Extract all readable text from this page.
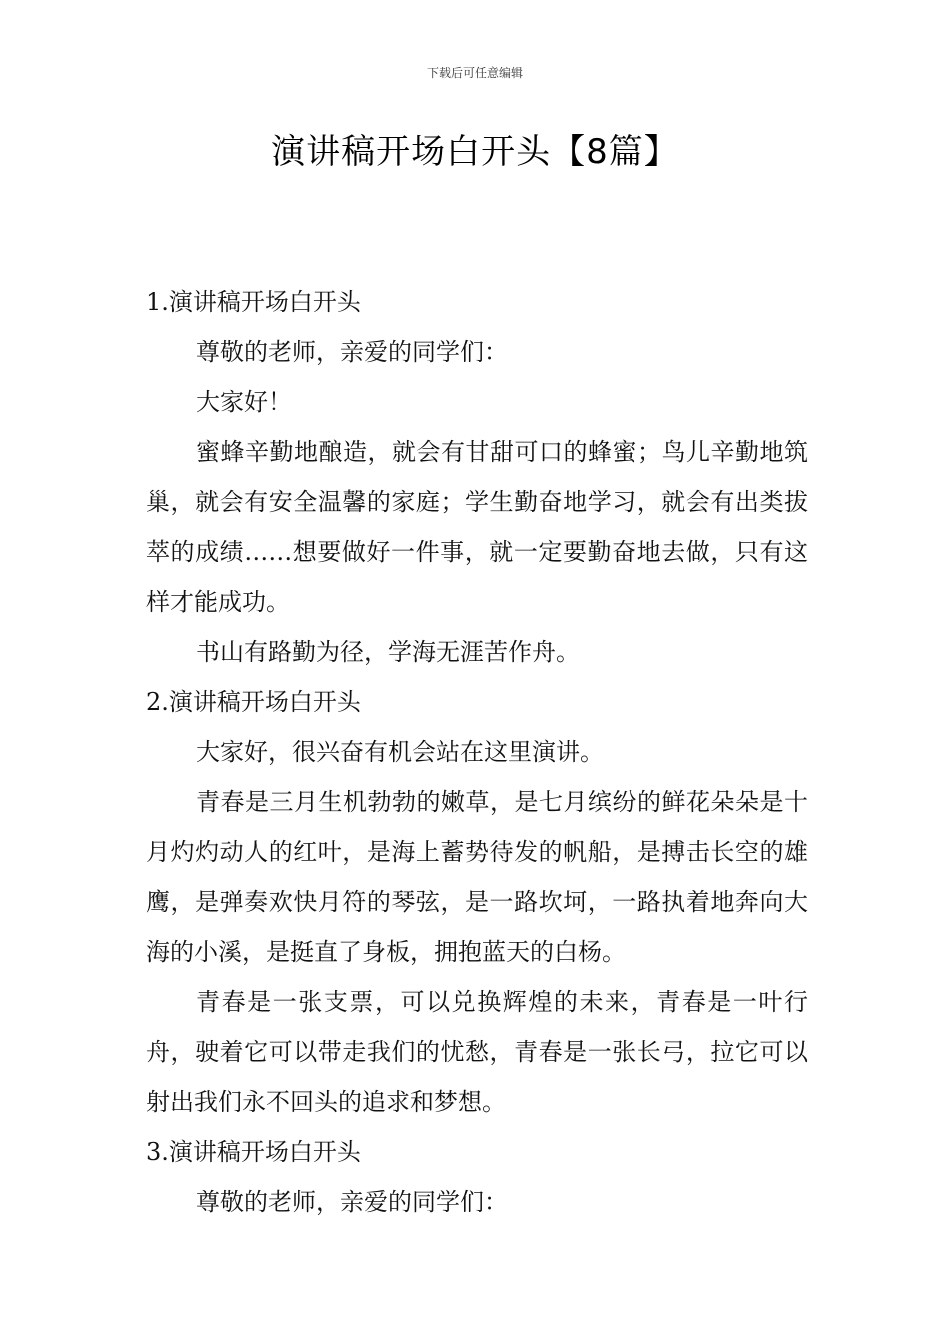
下载后可任意编辑
演讲稿开场白开头【8篇】

1.演讲稿开场白开头

尊敬的老师，亲爱的同学们：

大家好！

蜜蜂辛勤地酿造，就会有甘甜可口的蜂蜜；鸟儿辛勤地筑巢，就会有安全温馨的家庭；学生勤奋地学习，就会有出类拔萃的成绩……想要做好一件事，就一定要勤奋地去做，只有这样才能成功。

书山有路勤为径，学海无涯苦作舟。

2.演讲稿开场白开头

大家好，很兴奋有机会站在这里演讲。

青春是三月生机勃勃的嫩草，是七月缤纷的鲜花朵朵是十月灼灼动人的红叶，是海上蓄势待发的帆船，是搏击长空的雄鹰，是弹奏欢快月符的琴弦，是一路坎坷，一路执着地奔向大海的小溪，是挺直了身板，拥抱蓝天的白杨。

青春是一张支票，可以兑换辉煌的未来，青春是一叶行舟，驶着它可以带走我们的忧愁，青春是一张长弓，拉它可以射出我们永不回头的追求和梦想。

3.演讲稿开场白开头

尊敬的老师，亲爱的同学们：
